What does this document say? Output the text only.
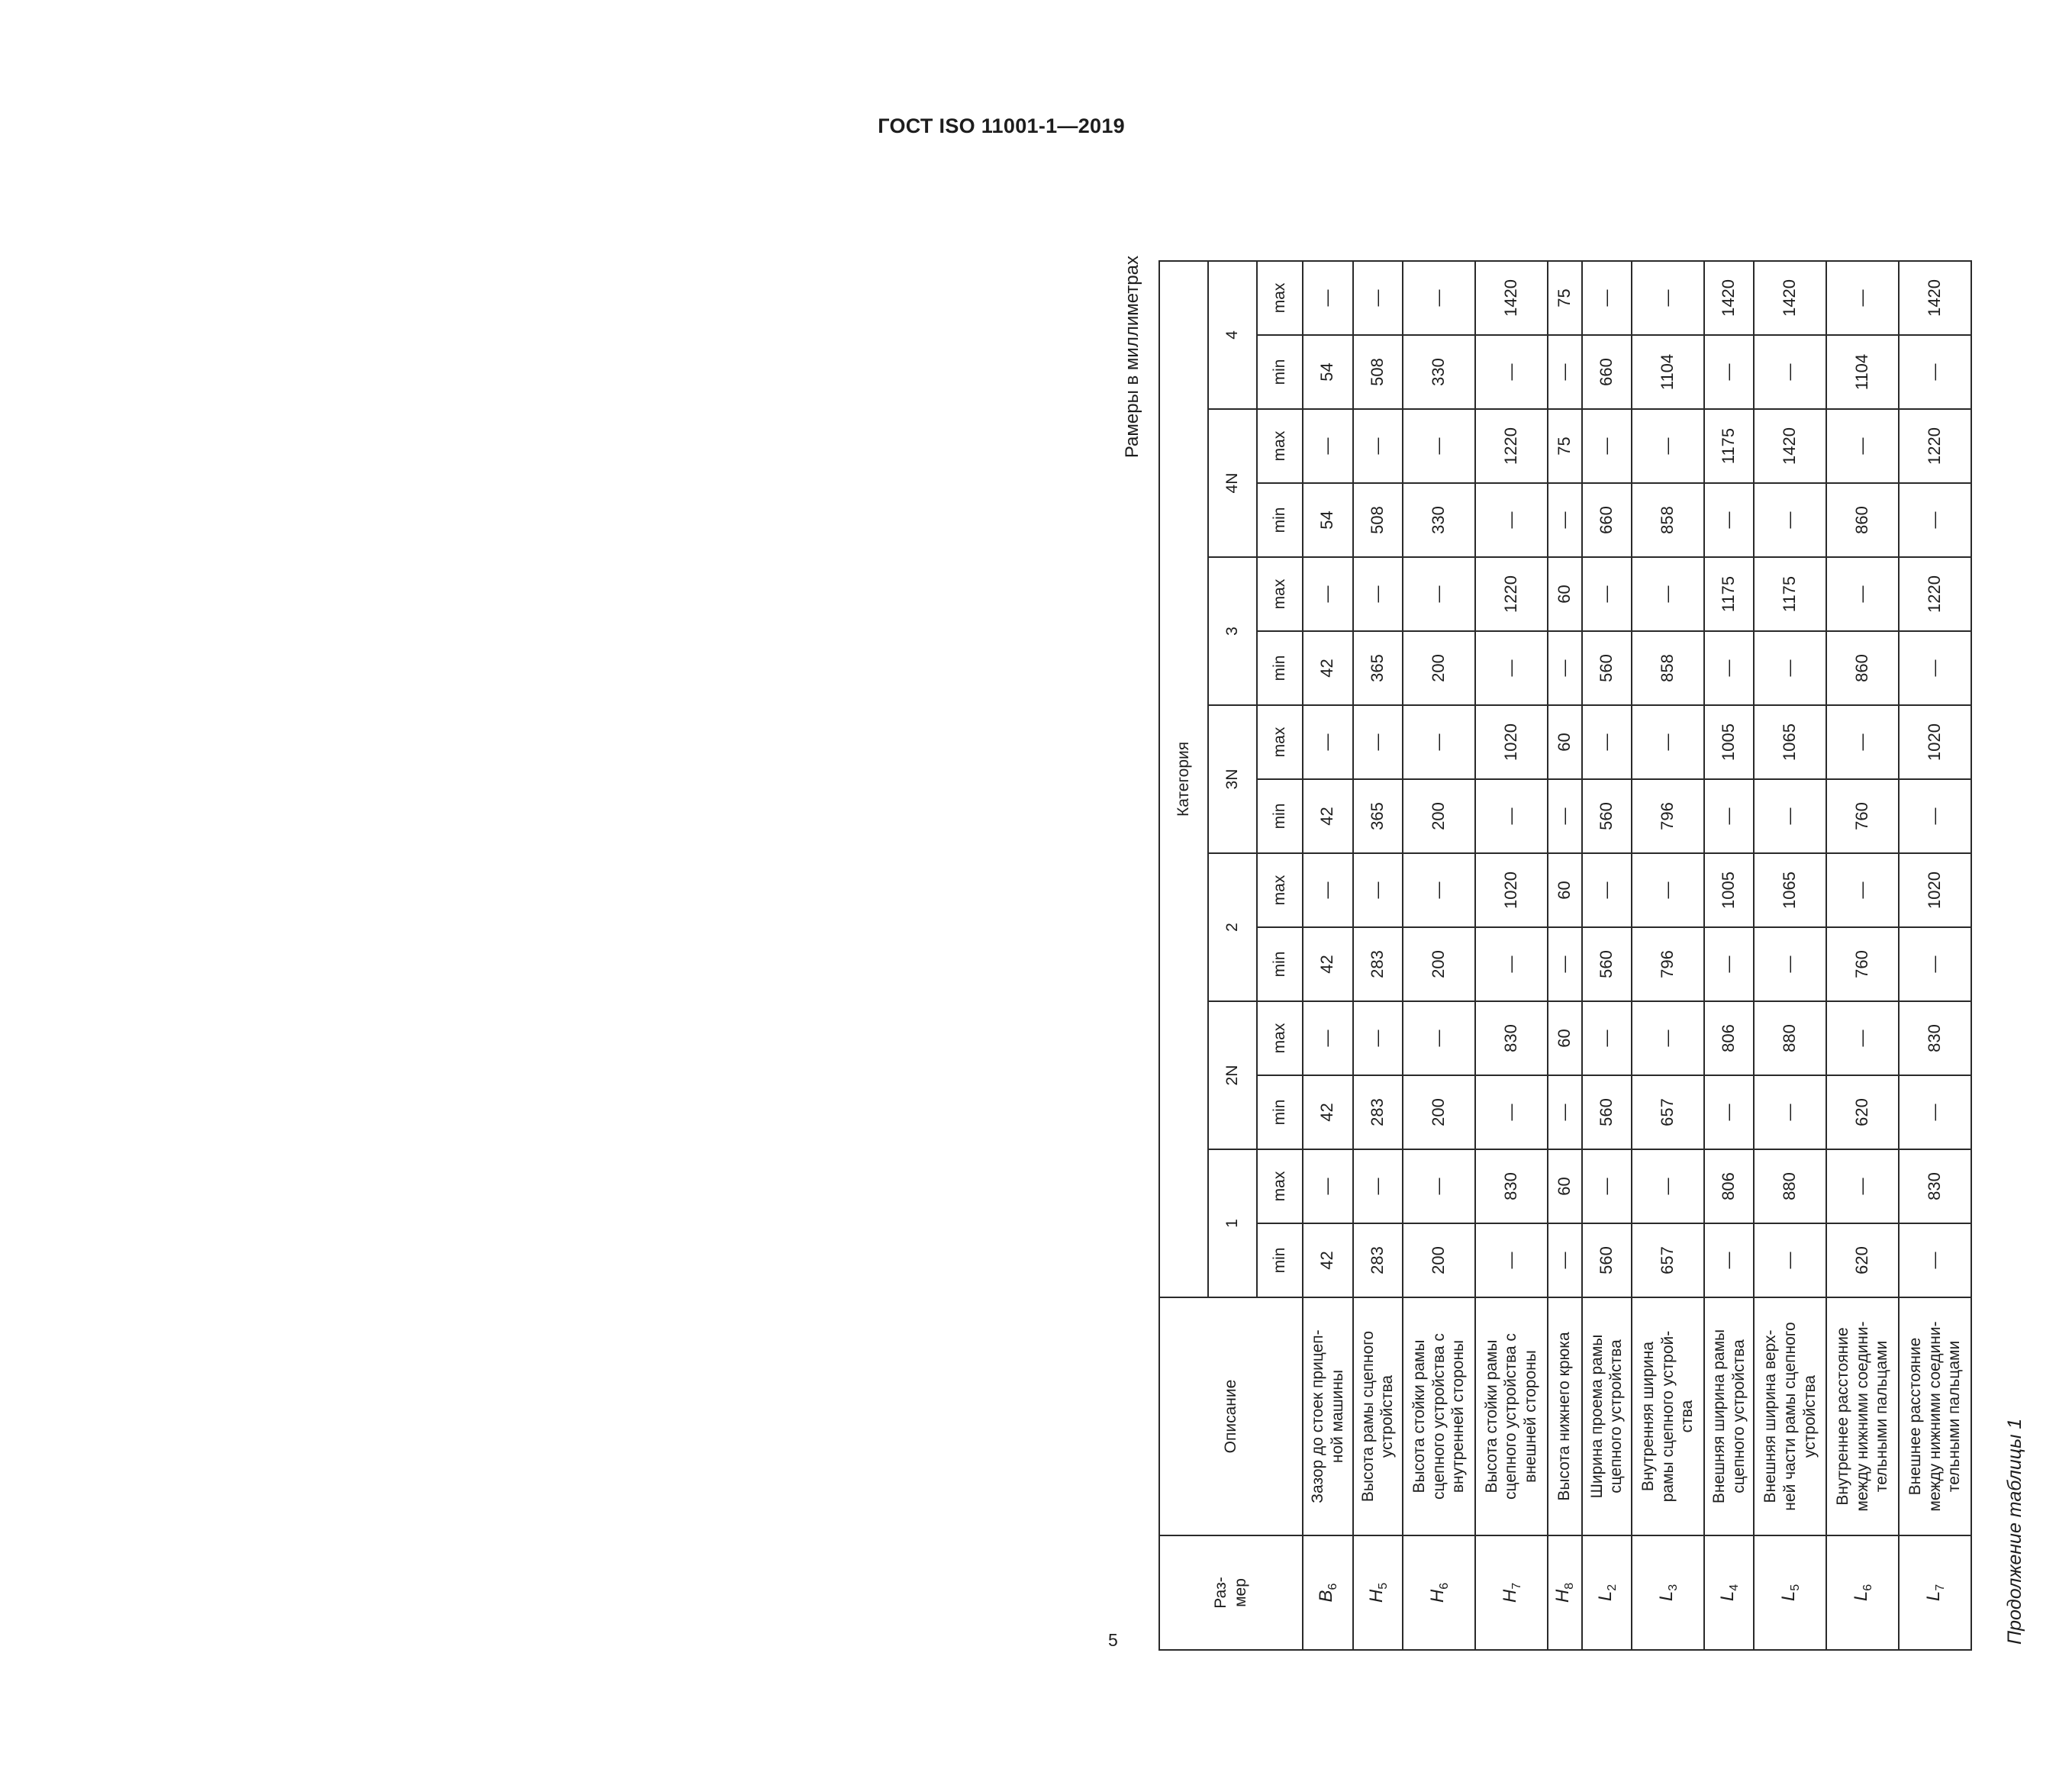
ГОСТ ISO 11001-1—2019
Продолжение таблицы 1
Рамеры в миллиметрах
Раз-
мер	Описание	Категория													
		1		2N		2		3N		3		4N		4	
		min	max	min	max	min	max	min	max	min	max	min	max	min	max
$B_6$	Зазор до стоек прицеп-
ной машины	42	—	42	—	42	—	42	—	42	—	54	—	54	—
$H_5$	Высота рамы сцепного
устройства	283	—	283	—	283	—	365	—	365	—	508	—	508	—
$H_6$	Высота стойки рамы
сцепного устройства с
внутренней стороны	200	—	200	—	200	—	200	—	200	—	330	—	330	—
$H_7$	Высота стойки рамы
сцепного устройства с
внешней стороны	—	830	—	830	—	1020	—	1020	—	1220	—	1220	—	1420
$H_8$	Высота нижнего крюка	—	60	—	60	—	60	—	60	—	60	—	75	—	75
$L_2$	Ширина проема рамы
сцепного устройства	560	—	560	—	560	—	560	—	560	—	660	—	660	—
$L_3$	Внутренняя ширина
рамы сцепного устрой-
ства	657	—	657	—	796	—	796	—	858	—	858	—	1104	—
$L_4$	Внешняя ширина рамы
сцепного устройства	—	806	—	806	—	1005	—	1005	—	1175	—	1175	—	1420
$L_5$	Внешняя ширина верх-
ней части рамы сцепного
устройства	—	880	—	880	—	1065	—	1065	—	1175	—	1420	—	1420
$L_6$	Внутреннее расстояние
между нижними соедини-
тельными пальцами	620	—	620	—	760	—	760	—	860	—	860	—	1104	—
$L_7$	Внешнее расстояние
между нижними соедини-
тельными пальцами	—	830	—	830	—	1020	—	1020	—	1220	—	1220	—	1420
5
